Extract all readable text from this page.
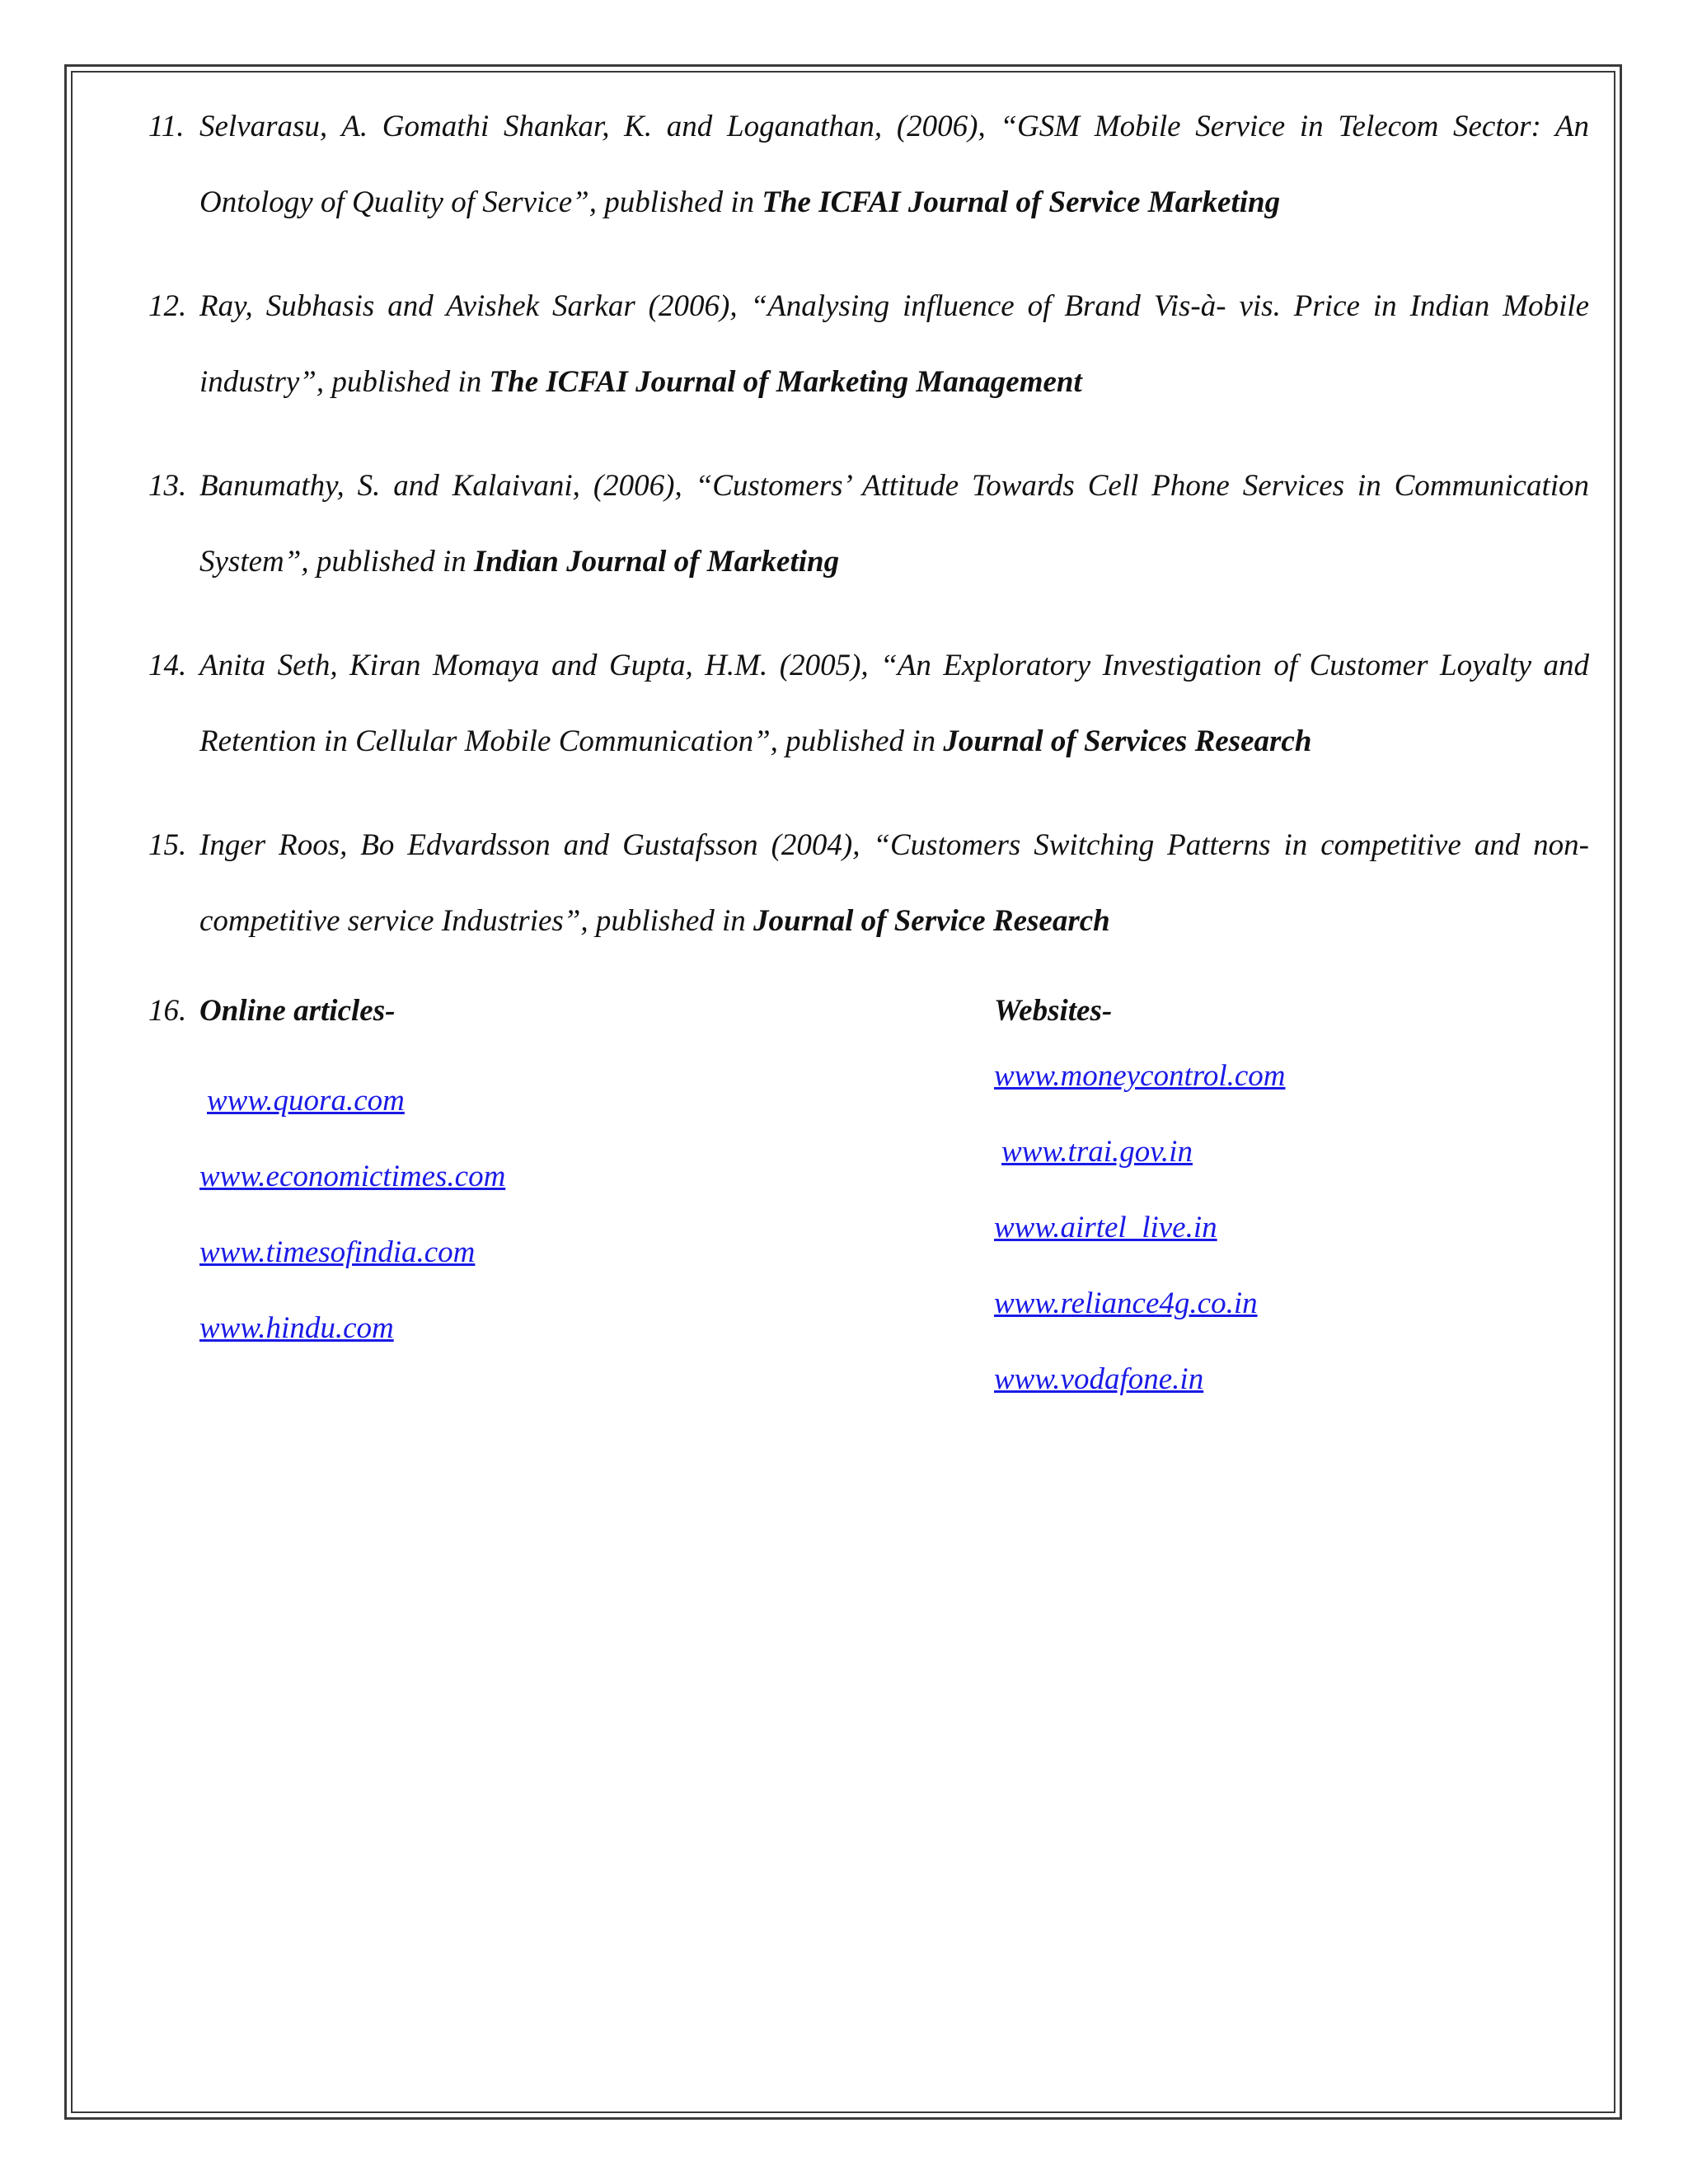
11. Selvarasu, A. Gomathi Shankar, K. and Loganathan, (2006), “GSM Mobile Service in Telecom Sector: An Ontology of Quality of Service”, published in The ICFAI Journal of Service Marketing
12. Ray, Subhasis and Avishek Sarkar (2006), “Analysing influence of Brand Vis-à- vis. Price in Indian Mobile industry”, published in The ICFAI Journal of Marketing Management
13. Banumathy, S. and Kalaivani, (2006), “Customers’ Attitude Towards Cell Phone Services in Communication System”, published in Indian Journal of Marketing
14. Anita Seth, Kiran Momaya and Gupta, H.M. (2005), “An Exploratory Investigation of Customer Loyalty and Retention in Cellular Mobile Communication”, published in Journal of Services Research
15. Inger Roos, Bo Edvardsson and Gustafsson (2004), “Customers Switching Patterns in competitive and non-competitive service Industries”, published in Journal of Service Research
16. Online articles-
www.quora.com
www.economictimes.com
www.timesofindia.com
www.hindu.com
Websites-
www.moneycontrol.com
www.trai.gov.in
www.airtel_live.in
www.reliance4g.co.in
www.vodafone.in
